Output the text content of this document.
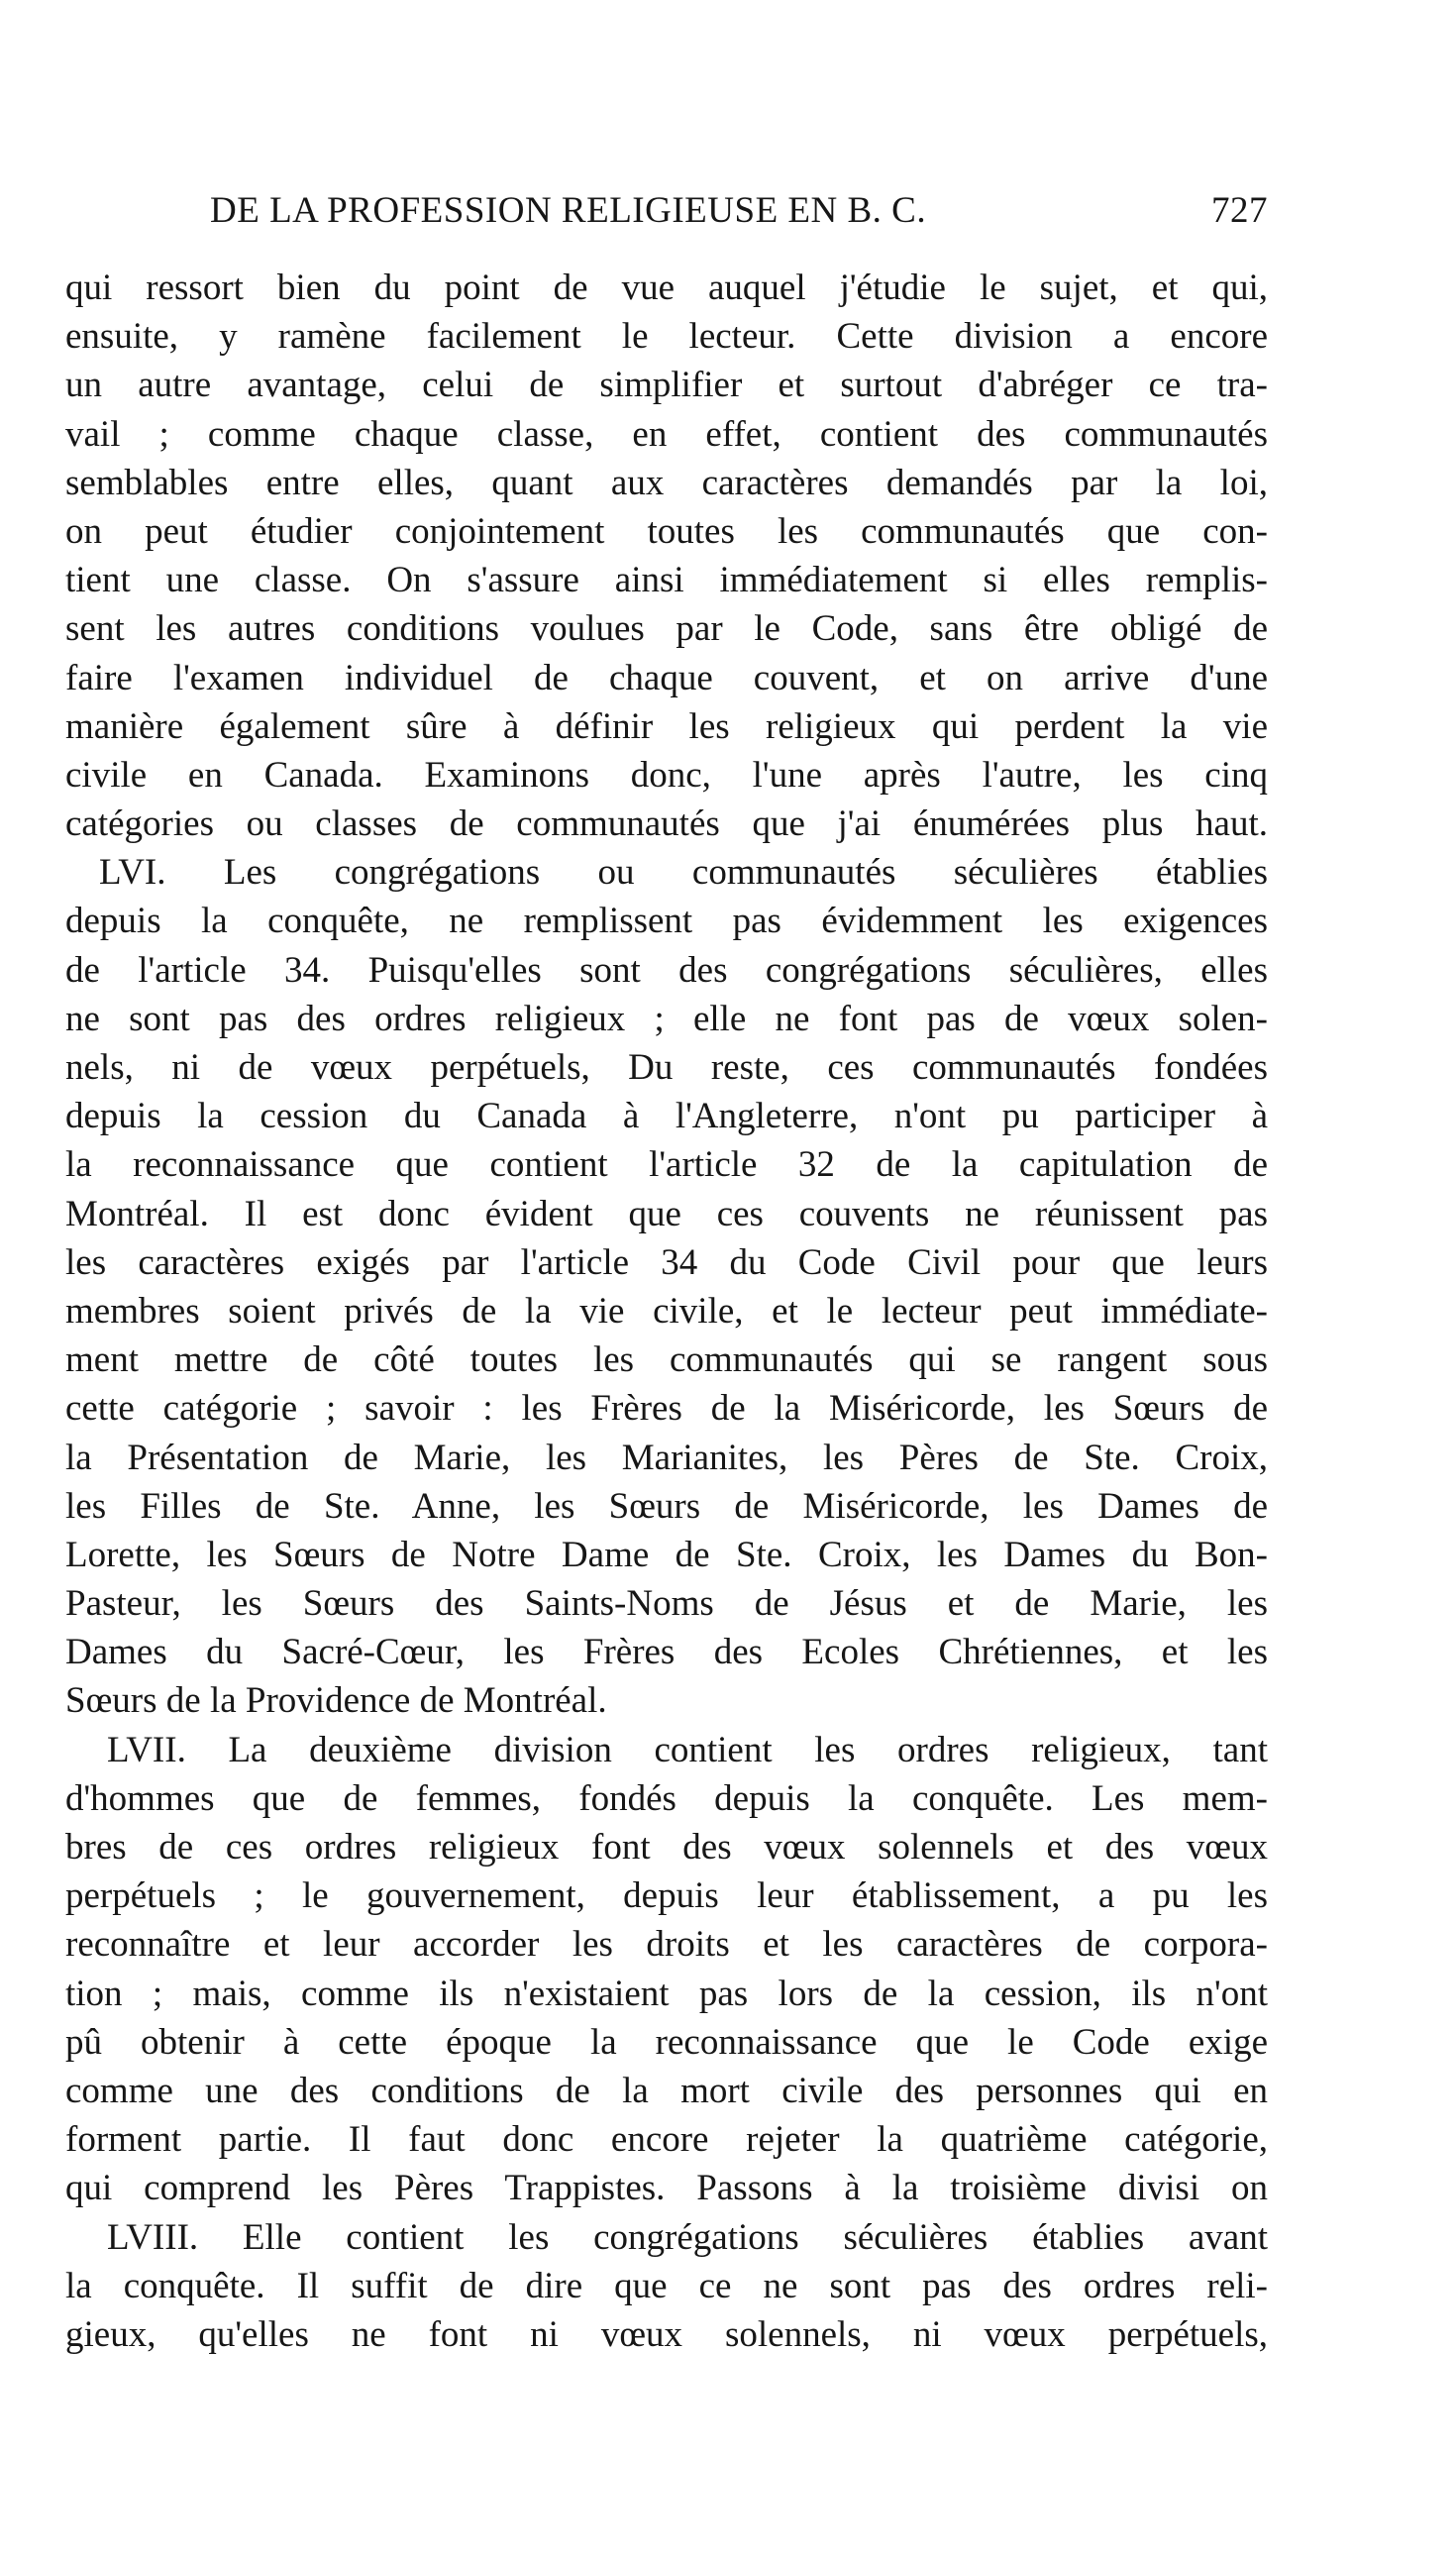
DE LA PROFESSION RELIGIEUSE EN B. C.	727
qui ressort bien du point de vue auquel j'étudie le sujet, et qui,
ensuite, y ramène facilement le lecteur. Cette division a encore
un autre avantage, celui de simplifier et surtout d'abréger ce tra-
vail ; comme chaque classe, en effet, contient des communautés
semblables entre elles, quant aux caractères demandés par la loi,
on peut étudier conjointement toutes les communautés que con-
tient une classe. On s'assure ainsi immédiatement si elles remplis-
sent les autres conditions voulues par le Code, sans être obligé de
faire l'examen individuel de chaque couvent, et on arrive d'une
manière également sûre à définir les religieux qui perdent la vie
civile en Canada. Examinons donc, l'une après l'autre, les cinq
catégories ou classes de communautés que j'ai énumérées plus haut.
LVI. Les congrégations ou communautés séculières établies
depuis la conquête, ne remplissent pas évidemment les exigences
de l'article 34. Puisqu'elles sont des congrégations séculières, elles
ne sont pas des ordres religieux ; elle ne font pas de vœux solen-
nels, ni de vœux perpétuels, Du reste, ces communautés fondées
depuis la cession du Canada à l'Angleterre, n'ont pu participer à
la reconnaissance que contient l'article 32 de la capitulation de
Montréal. Il est donc évident que ces couvents ne réunissent pas
les caractères exigés par l'article 34 du Code Civil pour que leurs
membres soient privés de la vie civile, et le lecteur peut immédiate-
ment mettre de côté toutes les communautés qui se rangent sous
cette catégorie ; savoir : les Frères de la Miséricorde, les Sœurs de
la Présentation de Marie, les Marianites, les Pères de Ste. Croix,
les Filles de Ste. Anne, les Sœurs de Miséricorde, les Dames de
Lorette, les Sœurs de Notre Dame de Ste. Croix, les Dames du Bon-
Pasteur, les Sœurs des Saints-Noms de Jésus et de Marie, les
Dames du Sacré-Cœur, les Frères des Ecoles Chrétiennes, et les
Sœurs de la Providence de Montréal.
LVII. La deuxième division contient les ordres religieux, tant
d'hommes que de femmes, fondés depuis la conquête. Les mem-
bres de ces ordres religieux font des vœux solennels et des vœux
perpétuels ; le gouvernement, depuis leur établissement, a pu les
reconnaître et leur accorder les droits et les caractères de corpora-
tion ; mais, comme ils n'existaient pas lors de la cession, ils n'ont
pû obtenir à cette époque la reconnaissance que le Code exige
comme une des conditions de la mort civile des personnes qui en
forment partie. Il faut donc encore rejeter la quatrième catégorie,
qui comprend les Pères Trappistes. Passons à la troisième divisi on
LVIII. Elle contient les congrégations séculières établies avant
la conquête. Il suffit de dire que ce ne sont pas des ordres reli-
gieux, qu'elles ne font ni vœux solennels, ni vœux perpétuels,
